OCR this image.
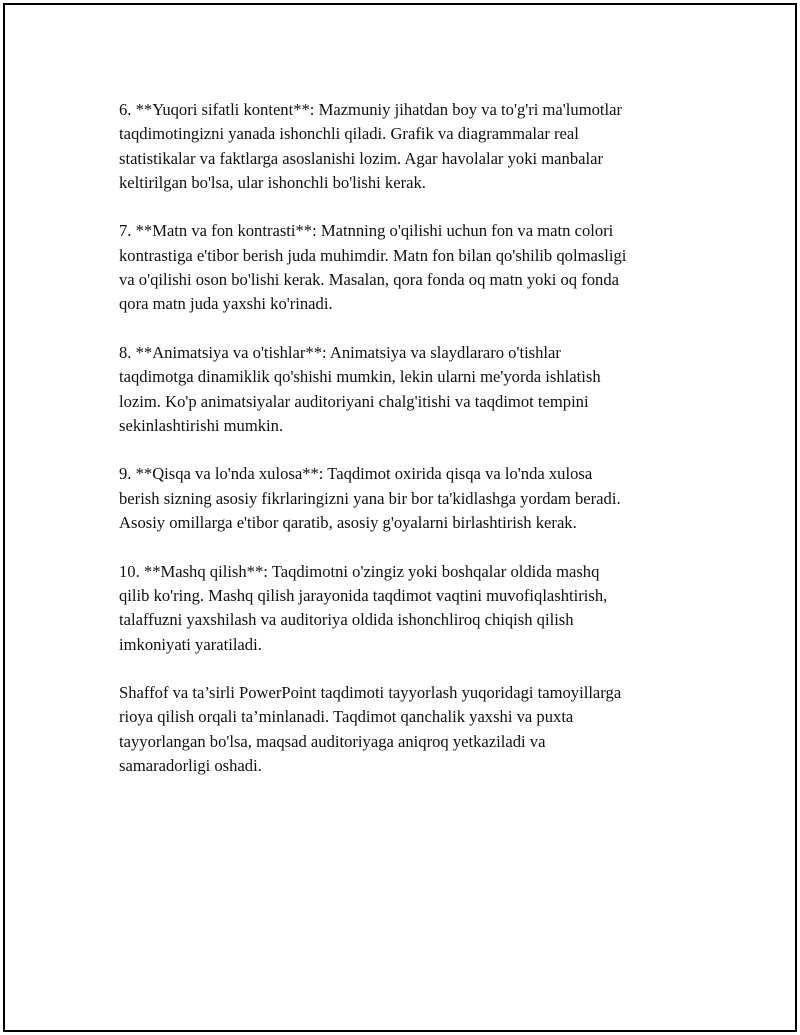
6. **Yuqori sifatli kontent**: Mazmuniy jihatdan boy va to'g'ri ma'lumotlar
taqdimotingizni yanada ishonchli qiladi. Grafik va diagrammalar real
statistikalar va faktlarga asoslanishi lozim. Agar havolalar yoki manbalar
keltirilgan bo'lsa, ular ishonchli bo'lishi kerak.

7. **Matn va fon kontrasti**: Matnning o'qilishi uchun fon va matn colori
kontrastiga e'tibor berish juda muhimdir. Matn fon bilan qo'shilib qolmasligi
va o'qilishi oson bo'lishi kerak. Masalan, qora fonda oq matn yoki oq fonda
qora matn juda yaxshi ko'rinadi.

8. **Animatsiya va o'tishlar**: Animatsiya va slaydlararo o'tishlar
taqdimotga dinamiklik qo'shishi mumkin, lekin ularni me'yorda ishlatish
lozim. Ko'p animatsiyalar auditoriyani chalg'itishi va taqdimot tempini
sekinlashtirishi mumkin.

9. **Qisqa va lo'nda xulosa**: Taqdimot oxirida qisqa va lo'nda xulosa
berish sizning asosiy fikrlaringizni yana bir bor ta'kidlashga yordam beradi.
Asosiy omillarga e'tibor qaratib, asosiy g'oyalarni birlashtirish kerak.

10. **Mashq qilish**: Taqdimotni o'zingiz yoki boshqalar oldida mashq
qilib ko'ring. Mashq qilish jarayonida taqdimot vaqtini muvofiqlashtirish,
talaffuzni yaxshilash va auditoriya oldida ishonchliroq chiqish qilish
imkoniyati yaratiladi.

Shaffof va ta’sirli PowerPoint taqdimoti tayyorlash yuqoridagi tamoyillarga
rioya qilish orqali ta’minlanadi. Taqdimot qanchalik yaxshi va puxta
tayyorlangan bo'lsa, maqsad auditoriyaga aniqroq yetkaziladi va
samaradorligi oshadi.
